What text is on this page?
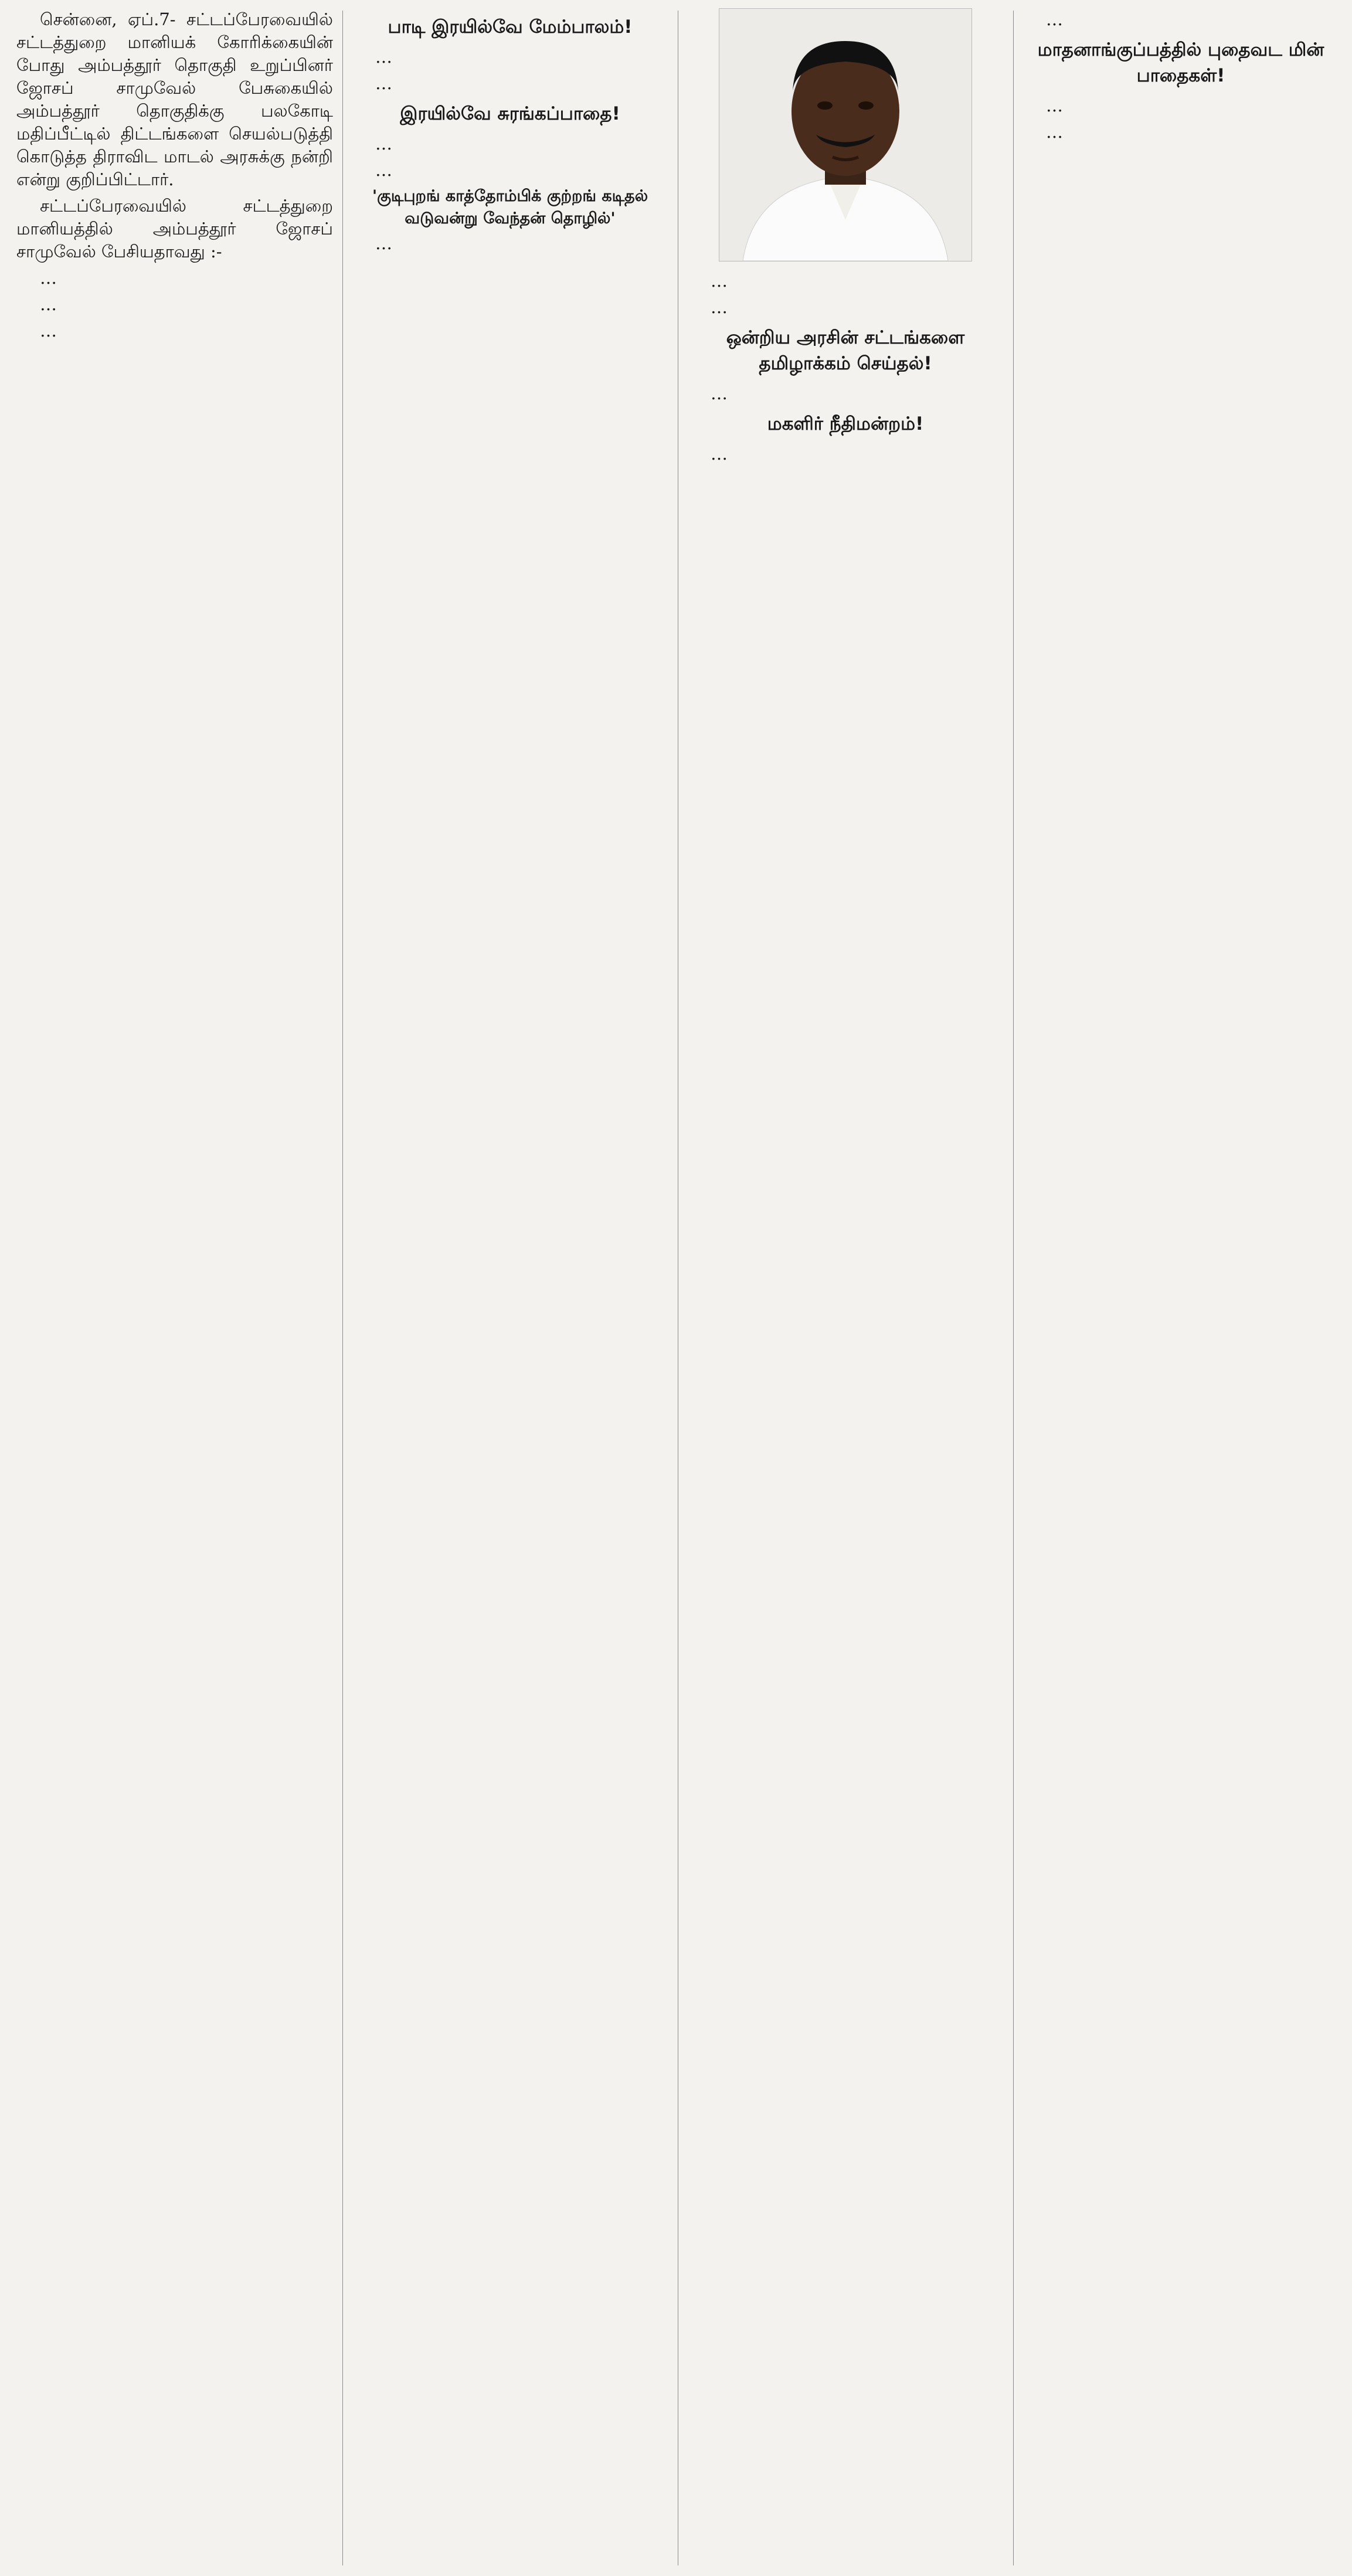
சென்னை, ஏப்.7- சட்டப்பேரவையில் சட்டத்துறை மானியக் கோரிக்கையின் போது அம்பத்தூர் தொகுதி உறுப்பினர் ஜோசப் சாமுவேல் பேசுகையில் அம்பத்தூர் தொகுதிக்கு பலகோடி மதிப்பீட்டில் திட்டங்களை செயல்படுத்தி கொடுத்த திராவிட மாடல் அரசுக்கு நன்றி என்று குறிப்பிட்டார்.

சட்டப்பேரவையில் சட்டத்துறை மானியத்தில் அம்பத்தூர் ஜோசப் சாமுவேல் பேசியதாவது :-

…

…

…

பாடி இரயில்வே மேம்பாலம்!

…

…

இரயில்வே சுரங்கப்பாதை!

…

…

'குடிபுறங் காத்தோம்பிக் குற்றங் கடிதல் வடுவன்று வேந்தன் தொழில்'

…

…

…

ஒன்றிய அரசின் சட்டங்களை தமிழாக்கம் செய்தல்!

…

மகளிர் நீதிமன்றம்!

…

…

மாதனாங்குப்பத்தில் புதைவட மின் பாதைகள்!

…

…
